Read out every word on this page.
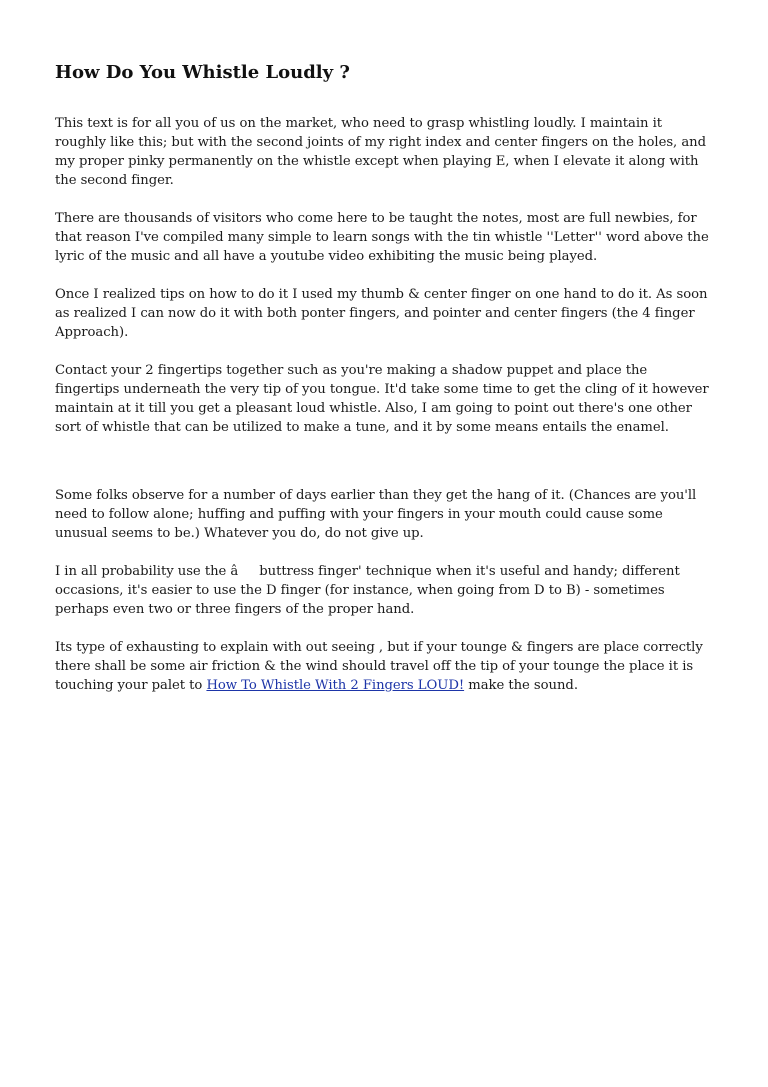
How Do You Whistle Loudly ?

This text is for all you of us on the market, who need to grasp whistling loudly. I maintain it roughly like this; but with the second joints of my right index and center fingers on the holes, and my proper pinky permanently on the whistle except when playing E, when I elevate it along with the second finger.

There are thousands of visitors who come here to be taught the notes, most are full newbies, for that reason I've compiled many simple to learn songs with the tin whistle ''Letter'' word above the lyric of the music and all have a youtube video exhibiting the music being played.

Once I realized tips on how to do it I used my thumb & center finger on one hand to do it. As soon as realized I can now do it with both ponter fingers, and pointer and center fingers (the 4 finger Approach).

Contact your 2 fingertips together such as you're making a shadow puppet and place the fingertips underneath the very tip of you tongue. It'd take some time to get the cling of it however maintain at it till you get a pleasant loud whistle. Also, I am going to point out there's one other sort of whistle that can be utilized to make a tune, and it by some means entails the enamel.

Some folks observe for a number of days earlier than they get the hang of it. (Chances are you'll need to follow alone; huffing and puffing with your fingers in your mouth could cause some unusual seems to be.) Whatever you do, do not give up.

I in all probability use the âbuttress finger' technique when it's useful and handy; different occasions, it's easier to use the D finger (for instance, when going from D to B) - sometimes perhaps even two or three fingers of the proper hand.

Its type of exhausting to explain with out seeing , but if your tounge & fingers are place correctly there shall be some air friction & the wind should travel off the tip of your tounge the place it is touching your palet to How To Whistle With 2 Fingers LOUD! make the sound.
